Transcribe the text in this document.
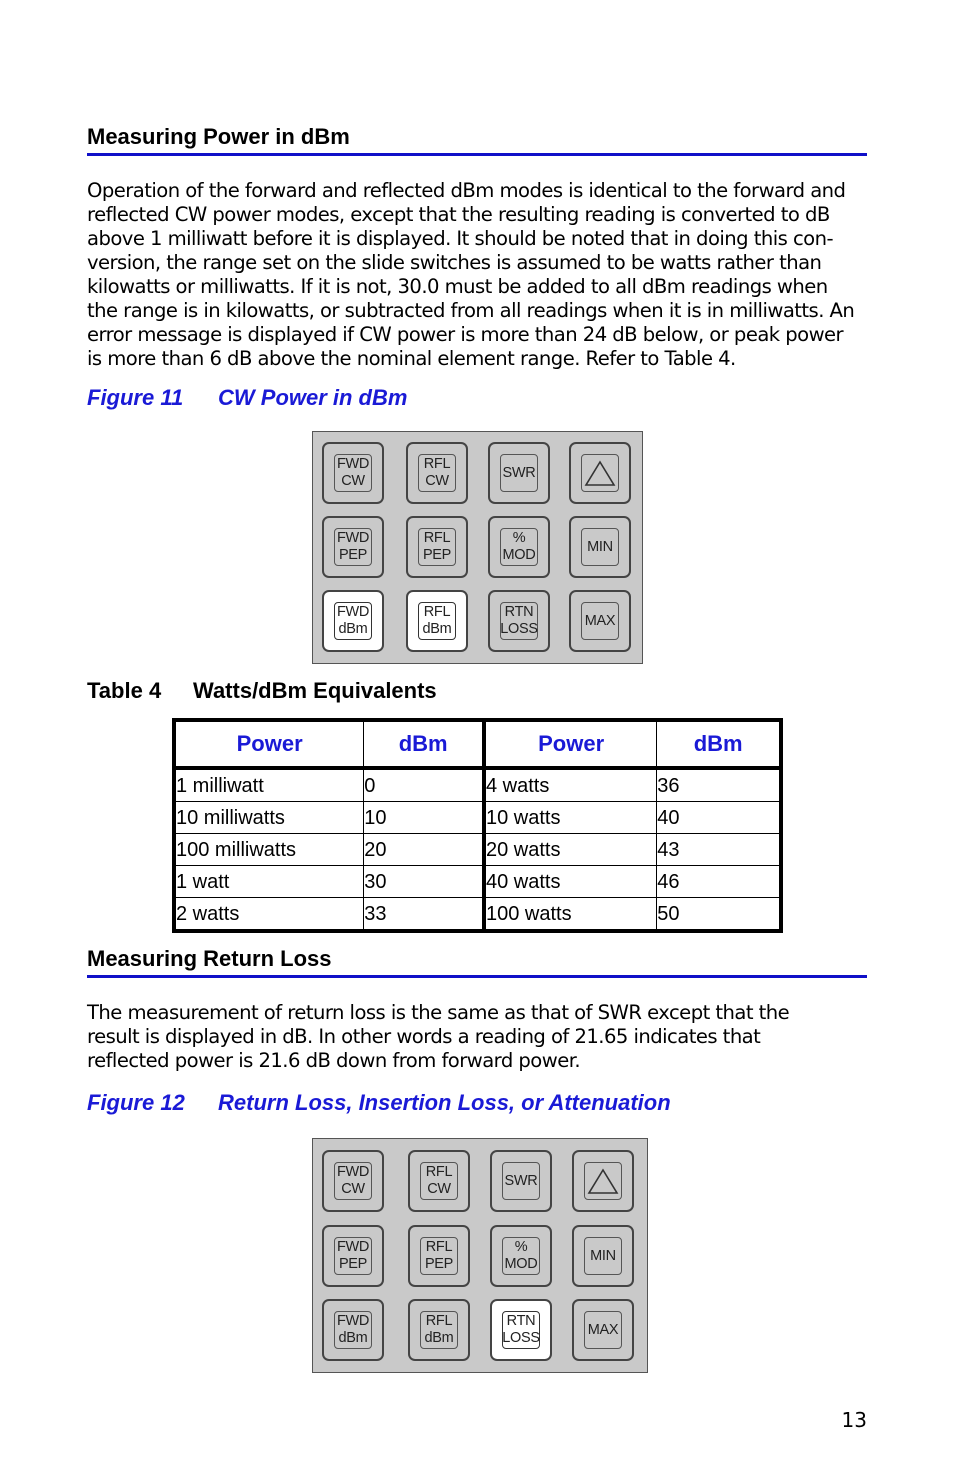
Measuring Power in dBm
Operation of the forward and reflected dBm modes is identical to the forward and
reflected CW power modes, except that the resulting reading is converted to dB
above 1 milliwatt before it is displayed. It should be noted that in doing this con-
version, the range set on the slide switches is assumed to be watts rather than
kilowatts or milliwatts. If it is not, 30.0 must be added to all dBm readings when
the range is in kilowatts, or subtracted from all readings when it is in milliwatts. An
error message is displayed if CW power is more than 24 dB below, or peak power
is more than 6 dB above the nominal element range. Refer to Table 4.
Figure 11 CW Power in dBm
FWD
CW
RFL
CW
SWR
FWD
PEP
RFL
PEP
%
MOD
MIN
FWD
dBm
RFL
dBm
RTN
LOSS
MAX
Table 4 Watts/dBm Equivalents
Power	dBm	Power	dBm
1 milliwatt	0	4 watts	36
10 milliwatts	10	10 watts	40
100 milliwatts	20	20 watts	43
1 watt	30	40 watts	46
2 watts	33	100 watts	50
Measuring Return Loss
The measurement of return loss is the same as that of SWR except that the
result is displayed in dB. In other words a reading of 21.65 indicates that
reflected power is 21.6 dB down from forward power.
Figure 12 Return Loss, Insertion Loss, or Attenuation
FWD
CW
RFL
CW
SWR
FWD
PEP
RFL
PEP
%
MOD
MIN
FWD
dBm
RFL
dBm
RTN
LOSS
MAX
13
